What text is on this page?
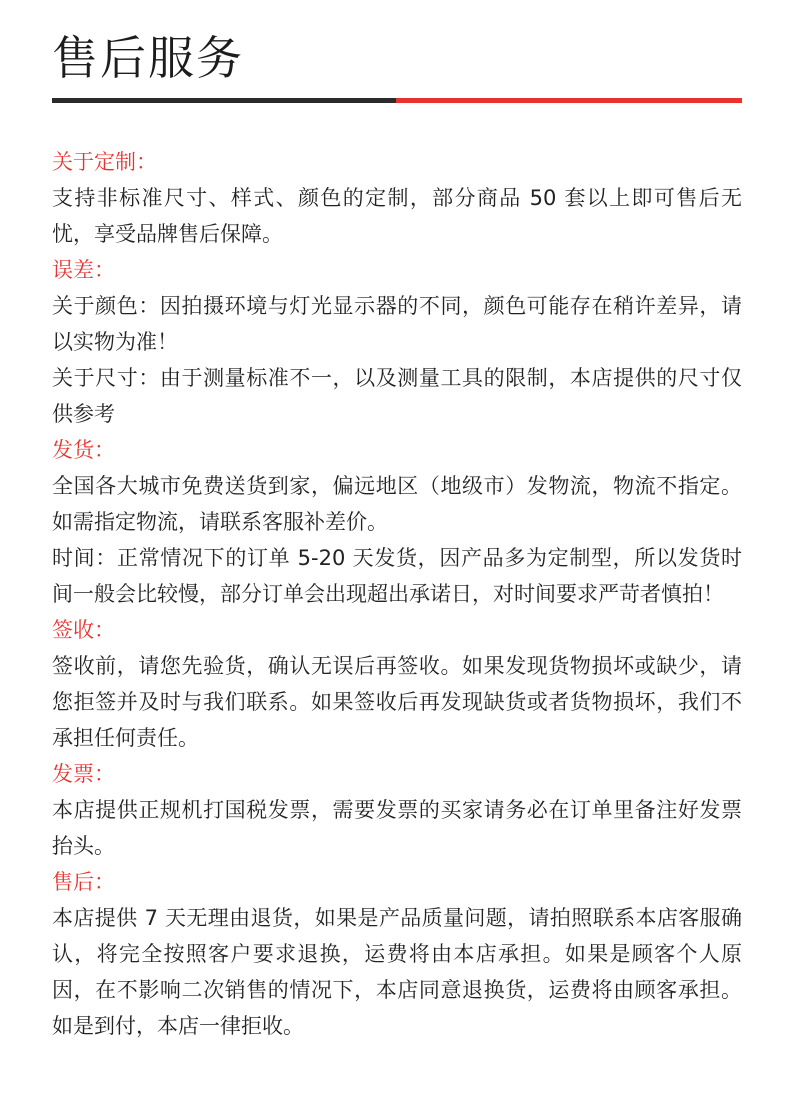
售后服务
关于定制：
支持非标准尺寸、样式、颜色的定制，部分商品 50 套以上即可售后无忧，享受品牌售后保障。
误差：
关于颜色：因拍摄环境与灯光显示器的不同，颜色可能存在稍许差异，请以实物为准！
关于尺寸：由于测量标准不一，以及测量工具的限制，本店提供的尺寸仅供参考
发货：
全国各大城市免费送货到家，偏远地区（地级市）发物流，物流不指定。如需指定物流，请联系客服补差价。
时间：正常情况下的订单 5-20 天发货，因产品多为定制型，所以发货时间一般会比较慢，部分订单会出现超出承诺日，对时间要求严苛者慎拍！
签收：
签收前，请您先验货，确认无误后再签收。如果发现货物损坏或缺少，请您拒签并及时与我们联系。如果签收后再发现缺货或者货物损坏，我们不承担任何责任。
发票：
本店提供正规机打国税发票，需要发票的买家请务必在订单里备注好发票抬头。
售后：
本店提供 7 天无理由退货，如果是产品质量问题，请拍照联系本店客服确认，将完全按照客户要求退换，运费将由本店承担。如果是顾客个人原因，在不影响二次销售的情况下，本店同意退换货，运费将由顾客承担。如是到付，本店一律拒收。
